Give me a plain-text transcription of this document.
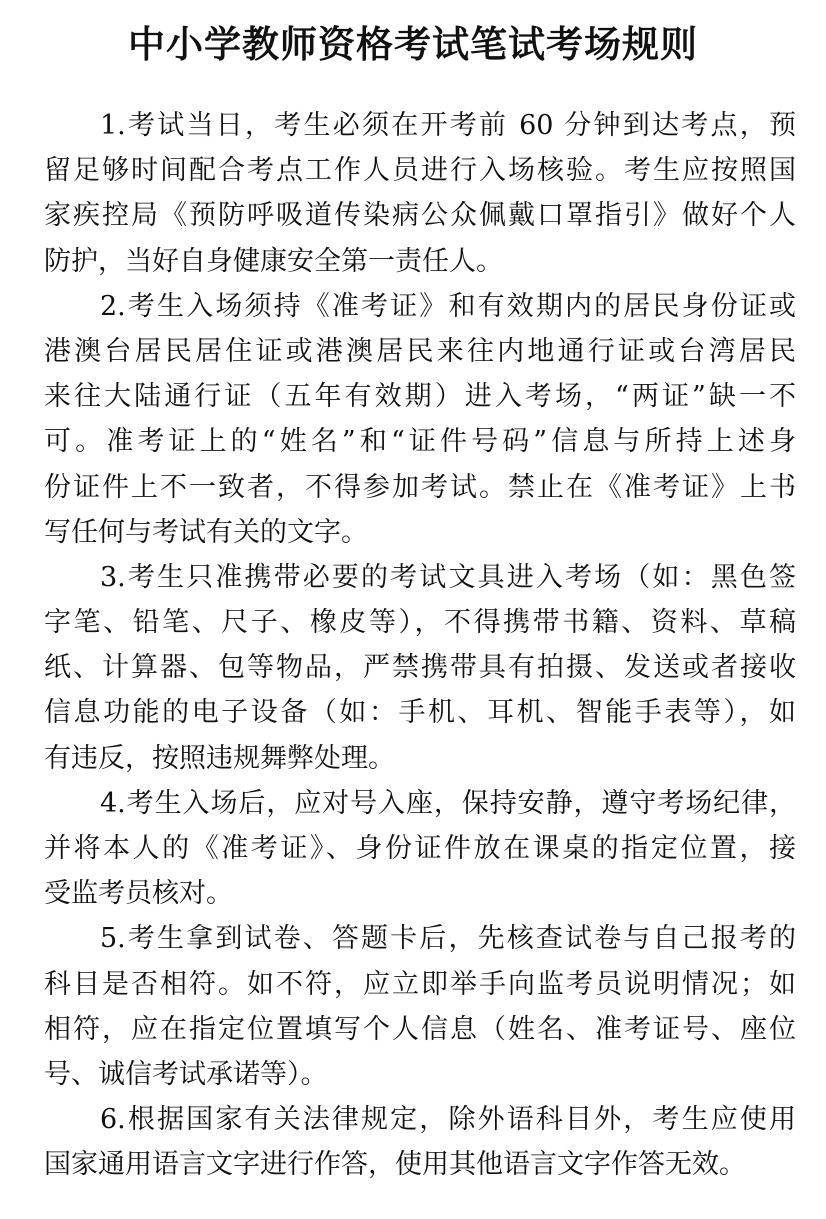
中小学教师资格考试笔试考场规则
1.考试当日，考生必须在开考前 60 分钟到达考点，预
留足够时间配合考点工作人员进行入场核验。考生应按照国
家疾控局《预防呼吸道传染病公众佩戴口罩指引》做好个人
防护，当好自身健康安全第一责任人。
2.考生入场须持《准考证》和有效期内的居民身份证或
港澳台居民居住证或港澳居民来往内地通行证或台湾居民
来往大陆通行证（五年有效期）进入考场，“两证”缺一不
可。准考证上的“姓名”和“证件号码”信息与所持上述身
份证件上不一致者，不得参加考试。禁止在《准考证》上书
写任何与考试有关的文字。
3.考生只准携带必要的考试文具进入考场（如：黑色签
字笔、铅笔、尺子、橡皮等），不得携带书籍、资料、草稿
纸、计算器、包等物品，严禁携带具有拍摄、发送或者接收
信息功能的电子设备（如：手机、耳机、智能手表等），如
有违反，按照违规舞弊处理。
4.考生入场后，应对号入座，保持安静，遵守考场纪律，
并将本人的《准考证》、身份证件放在课桌的指定位置，接
受监考员核对。
5.考生拿到试卷、答题卡后，先核查试卷与自己报考的
科目是否相符。如不符，应立即举手向监考员说明情况；如
相符，应在指定位置填写个人信息（姓名、准考证号、座位
号、诚信考试承诺等）。
6.根据国家有关法律规定，除外语科目外，考生应使用
国家通用语言文字进行作答，使用其他语言文字作答无效。
